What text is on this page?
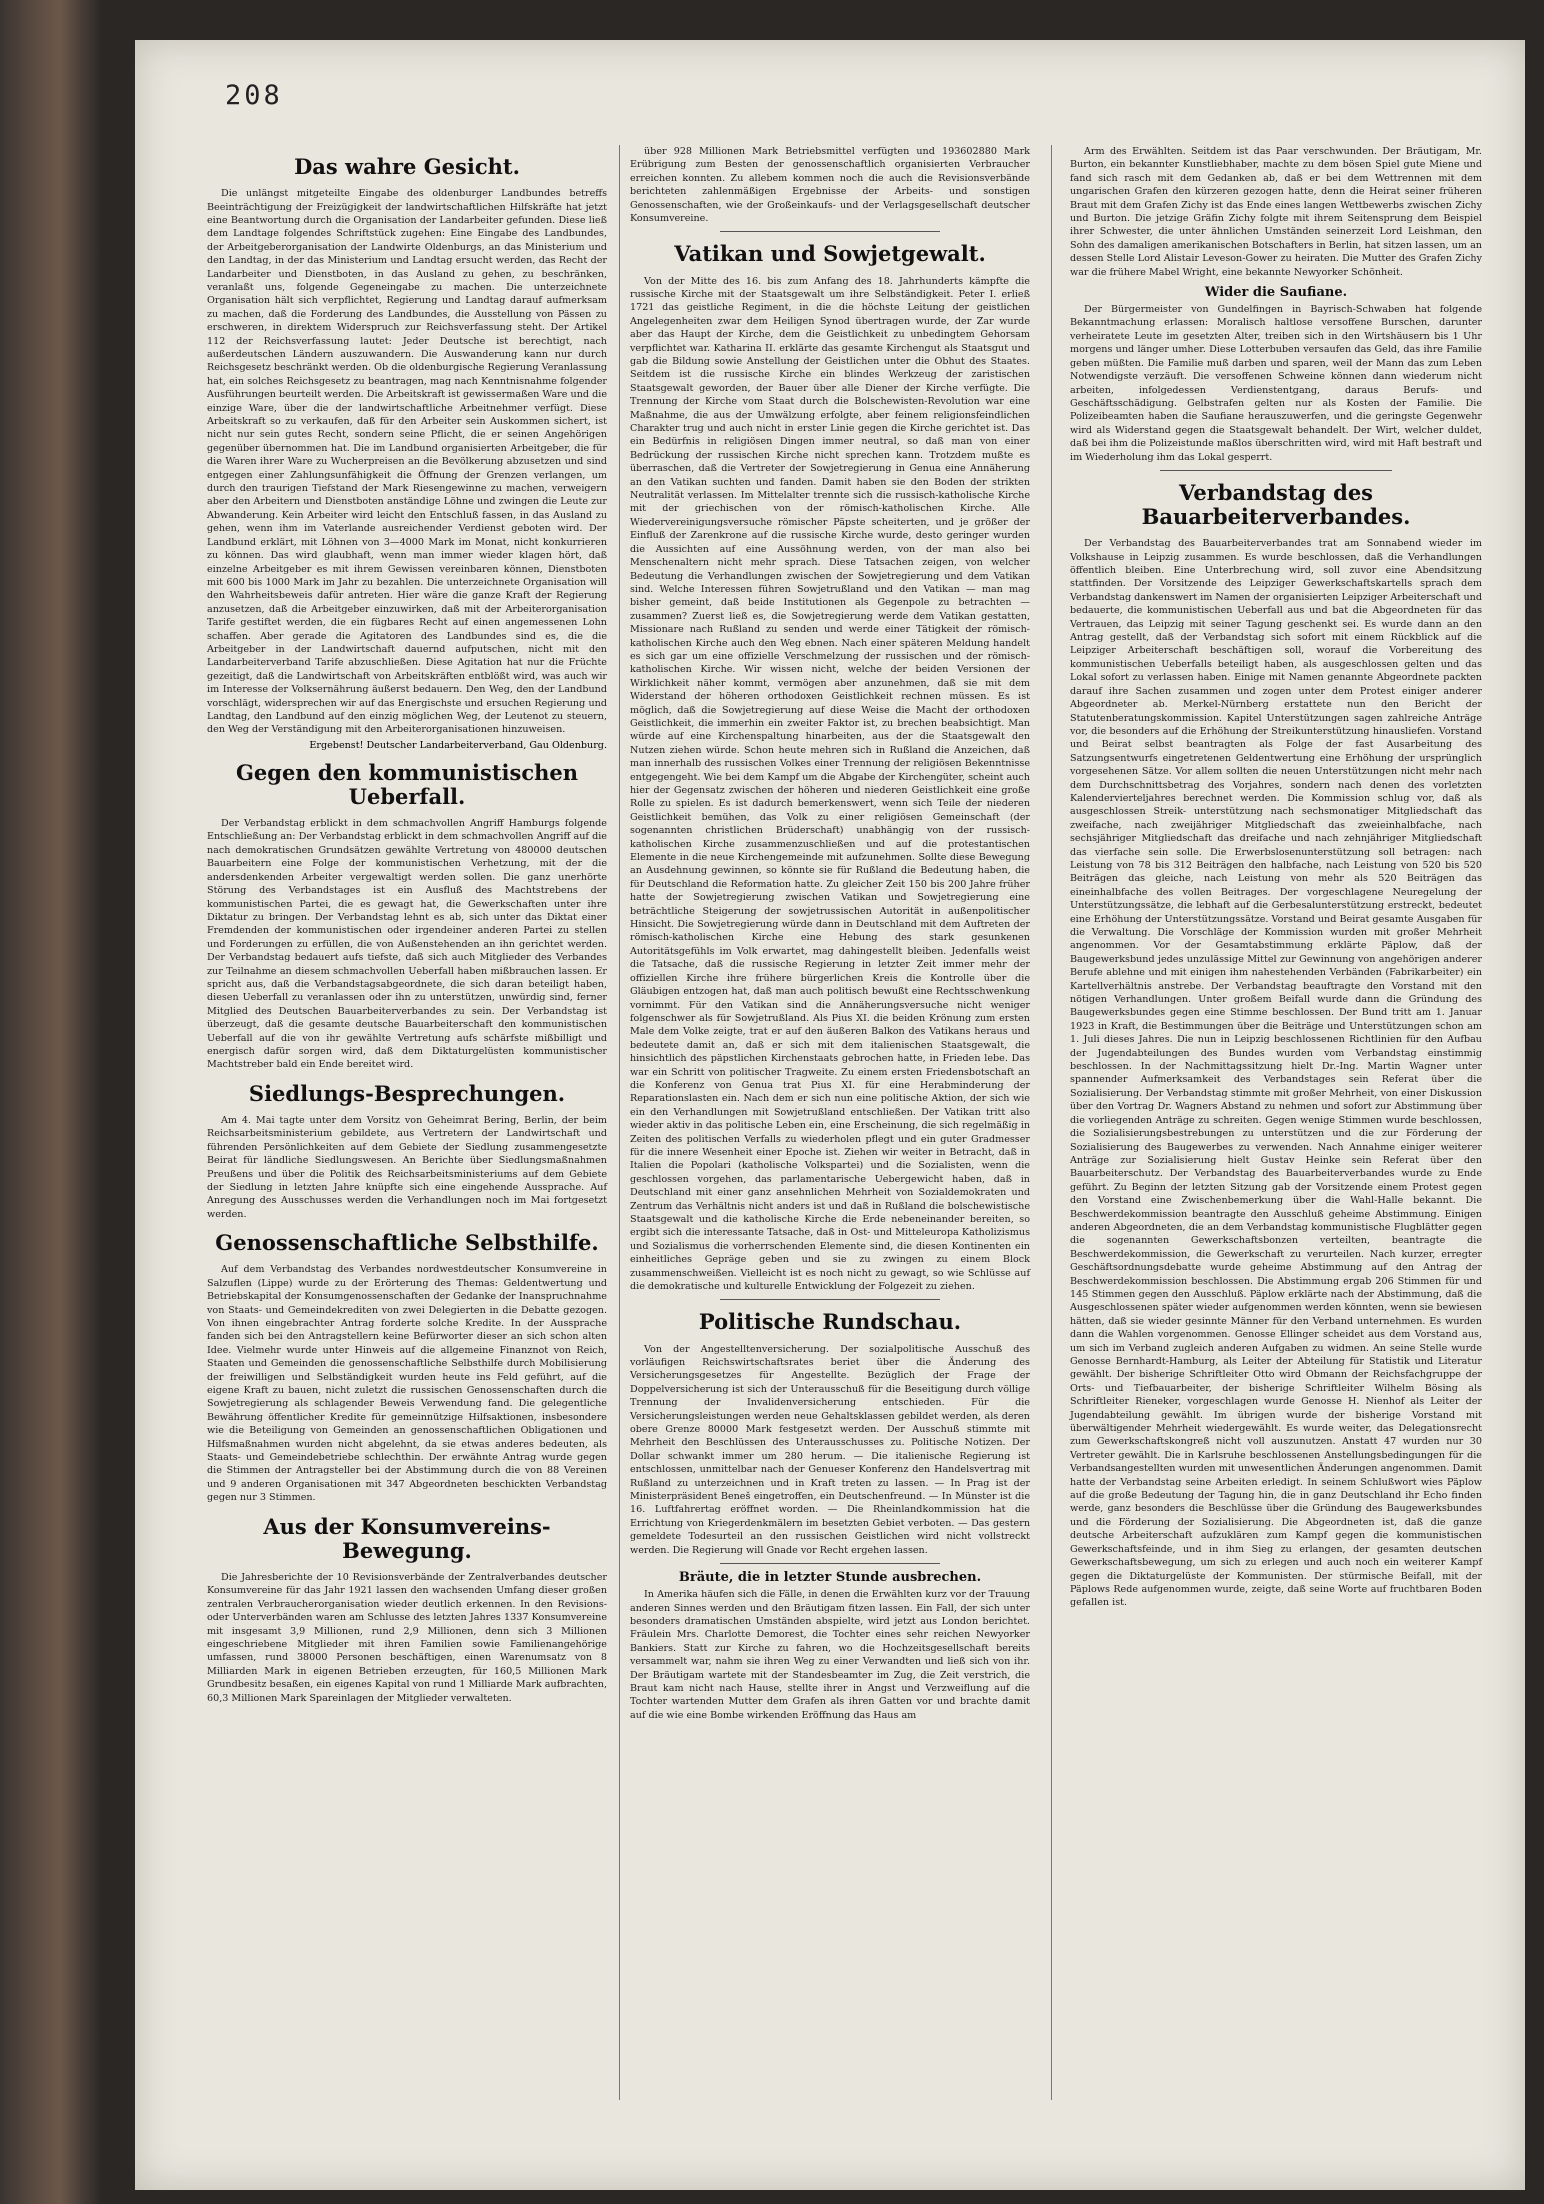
208
Das wahre Gesicht.

Die unlängst mitgeteilte Eingabe des oldenburger Landbundes betreffs Beeinträchtigung der Freizügigkeit der landwirtschaftlichen Hilfskräfte hat jetzt eine Beantwortung durch die Organisation der Landarbeiter gefunden. Diese ließ dem Landtage folgendes Schriftstück zugehen: Eine Eingabe des Landbundes, der Arbeitgeberorganisation der Landwirte Oldenburgs, an das Ministerium und den Landtag, in der das Ministerium und Landtag ersucht werden, das Recht der Landarbeiter und Dienstboten, in das Ausland zu gehen, zu beschränken, veranlaßt uns, folgende Gegeneingabe zu machen. Die unterzeichnete Organisation hält sich verpflichtet, Regierung und Landtag darauf aufmerksam zu machen, daß die Forderung des Landbundes, die Ausstellung von Pässen zu erschweren, in direktem Widerspruch zur Reichsverfassung steht. Der Artikel 112 der Reichsverfassung lautet: Jeder Deutsche ist berechtigt, nach außerdeutschen Ländern auszuwandern. Die Auswanderung kann nur durch Reichsgesetz beschränkt werden. Ob die oldenburgische Regierung Veranlassung hat, ein solches Reichsgesetz zu beantragen, mag nach Kenntnisnahme folgender Ausführungen beurteilt werden. Die Arbeitskraft ist gewissermaßen Ware und die einzige Ware, über die der landwirtschaftliche Arbeitnehmer verfügt. Diese Arbeitskraft so zu verkaufen, daß für den Arbeiter sein Auskommen sichert, ist nicht nur sein gutes Recht, sondern seine Pflicht, die er seinen Angehörigen gegenüber übernommen hat. Die im Landbund organisierten Arbeitgeber, die für die Waren ihrer Ware zu Wucherpreisen an die Bevölkerung abzusetzen und sind entgegen einer Zahlungsunfähigkeit die Öffnung der Grenzen verlangen, um durch den traurigen Tiefstand der Mark Riesengewinne zu machen, verweigern aber den Arbeitern und Dienstboten anständige Löhne und zwingen die Leute zur Abwanderung. Kein Arbeiter wird leicht den Entschluß fassen, in das Ausland zu gehen, wenn ihm im Vaterlande ausreichender Verdienst geboten wird. Der Landbund erklärt, mit Löhnen von 3—4000 Mark im Monat, nicht konkurrieren zu können. Das wird glaubhaft, wenn man immer wieder klagen hört, daß einzelne Arbeitgeber es mit ihrem Gewissen vereinbaren können, Dienstboten mit 600 bis 1000 Mark im Jahr zu bezahlen. Die unterzeichnete Organisation will den Wahrheitsbeweis dafür antreten. Hier wäre die ganze Kraft der Regierung anzusetzen, daß die Arbeitgeber einzuwirken, daß mit der Arbeiterorganisation Tarife gestiftet werden, die ein fügbares Recht auf einen angemessenen Lohn schaffen. Aber gerade die Agitatoren des Landbundes sind es, die die Arbeitgeber in der Landwirtschaft dauernd aufputschen, nicht mit den Landarbeiterverband Tarife abzuschließen. Diese Agitation hat nur die Früchte gezeitigt, daß die Landwirtschaft von Arbeitskräften entblößt wird, was auch wir im Interesse der Volksernährung äußerst bedauern. Den Weg, den der Landbund vorschlägt, widersprechen wir auf das Energischste und ersuchen Regierung und Landtag, den Landbund auf den einzig möglichen Weg, der Leutenot zu steuern, den Weg der Verständigung mit den Arbeiterorganisationen hinzuweisen.

Ergebenst! Deutscher Landarbeiterverband, Gau Oldenburg.
Gegen den kommunistischen Ueberfall.

Der Verbandstag erblickt in dem schmachvollen Angriff Hamburgs folgende Entschließung an: Der Verbandstag erblickt in dem schmachvollen Angriff auf die nach demokratischen Grundsätzen gewählte Vertretung von 480000 deutschen Bauarbeitern eine Folge der kommunistischen Verhetzung, mit der die andersdenkenden Arbeiter vergewaltigt werden sollen. Die ganz unerhörte Störung des Verbandstages ist ein Ausfluß des Machtstrebens der kommunistischen Partei, die es gewagt hat, die Gewerkschaften unter ihre Diktatur zu bringen. Der Verbandstag lehnt es ab, sich unter das Diktat einer Fremdenden der kommunistischen oder irgendeiner anderen Partei zu stellen und Forderungen zu erfüllen, die von Außenstehenden an ihn gerichtet werden. Der Verbandstag bedauert aufs tiefste, daß sich auch Mitglieder des Verbandes zur Teilnahme an diesem schmachvollen Ueberfall haben mißbrauchen lassen. Er spricht aus, daß die Verbandstagsabgeordnete, die sich daran beteiligt haben, diesen Ueberfall zu veranlassen oder ihn zu unterstützen, unwürdig sind, ferner Mitglied des Deutschen Bauarbeiterverbandes zu sein. Der Verbandstag ist überzeugt, daß die gesamte deutsche Bauarbeiterschaft den kommunistischen Ueberfall auf die von ihr gewählte Vertretung aufs schärfste mißbilligt und energisch dafür sorgen wird, daß dem Diktaturgelüsten kommunistischer Machtstreber bald ein Ende bereitet wird.

Siedlungs-Besprechungen.

Am 4. Mai tagte unter dem Vorsitz von Geheimrat Bering, Berlin, der beim Reichsarbeitsministerium gebildete, aus Vertretern der Landwirtschaft und führenden Persönlichkeiten auf dem Gebiete der Siedlung zusammengesetzte Beirat für ländliche Siedlungswesen. An Berichte über Siedlungsmaßnahmen Preußens und über die Politik des Reichsarbeitsministeriums auf dem Gebiete der Siedlung in letzten Jahre knüpfte sich eine eingehende Aussprache. Auf Anregung des Ausschusses werden die Verhandlungen noch im Mai fortgesetzt werden.

Genossenschaftliche Selbsthilfe.

Auf dem Verbandstag des Verbandes nordwestdeutscher Konsumvereine in Salzuflen (Lippe) wurde zu der Erörterung des Themas: Geldentwertung und Betriebskapital der Konsumgenossenschaften der Gedanke der Inanspruchnahme von Staats- und Gemeindekrediten von zwei Delegierten in die Debatte gezogen. Von ihnen eingebrachter Antrag forderte solche Kredite. In der Aussprache fanden sich bei den Antragstellern keine Befürworter dieser an sich schon alten Idee. Vielmehr wurde unter Hinweis auf die allgemeine Finanznot von Reich, Staaten und Gemeinden die genossenschaftliche Selbsthilfe durch Mobilisierung der freiwilligen und Selbständigkeit wurden heute ins Feld geführt, auf die eigene Kraft zu bauen, nicht zuletzt die russischen Genossenschaften durch die Sowjetregierung als schlagender Beweis Verwendung fand. Die gelegentliche Bewährung öffentlicher Kredite für gemeinnützige Hilfsaktionen, insbesondere wie die Beteiligung von Gemeinden an genossenschaftlichen Obligationen und Hilfsmaßnahmen wurden nicht abgelehnt, da sie etwas anderes bedeuten, als Staats- und Gemeindebetriebe schlechthin. Der erwähnte Antrag wurde gegen die Stimmen der Antragsteller bei der Abstimmung durch die von 88 Vereinen und 9 anderen Organisationen mit 347 Abgeordneten beschickten Verbandstag gegen nur 3 Stimmen.

Aus der Konsumvereins-Bewegung.

Die Jahresberichte der 10 Revisionsverbände der Zentralverbandes deutscher Konsumvereine für das Jahr 1921 lassen den wachsenden Umfang dieser großen zentralen Verbraucherorganisation wieder deutlich erkennen. In den Revisions- oder Unterverbänden waren am Schlusse des letzten Jahres 1337 Konsumvereine mit insgesamt 3,9 Millionen, rund 2,9 Millionen, denn sich 3 Millionen eingeschriebene Mitglieder mit ihren Familien sowie Familienangehörige umfassen, rund 38000 Personen beschäftigen, einen Warenumsatz von 8 Milliarden Mark in eigenen Betrieben erzeugten, für 160,5 Millionen Mark Grundbesitz besaßen, ein eigenes Kapital von rund 1 Milliarde Mark aufbrachten, 60,3 Millionen Mark Spareinlagen der Mitglieder verwalteten.

über 928 Millionen Mark Betriebsmittel verfügten und 193602880 Mark Erübrigung zum Besten der genossenschaftlich organisierten Verbraucher erreichen konnten. Zu allebem kommen noch die auch die Revisionsverbände berichteten zahlenmäßigen Ergebnisse der Arbeits- und sonstigen Genossenschaften, wie der Großeinkaufs- und der Verlagsgesellschaft deutscher Konsumvereine.

Vatikan und Sowjetgewalt.

Von der Mitte des 16. bis zum Anfang des 18. Jahrhunderts kämpfte die russische Kirche mit der Staatsgewalt um ihre Selbständigkeit. Peter I. erließ 1721 das geistliche Regiment, in die die höchste Leitung der geistlichen Angelegenheiten zwar dem Heiligen Synod übertragen wurde, der Zar wurde aber das Haupt der Kirche, dem die Geistlichkeit zu unbedingtem Gehorsam verpflichtet war. Katharina II. erklärte das gesamte Kirchengut als Staatsgut und gab die Bildung sowie Anstellung der Geistlichen unter die Obhut des Staates. Seitdem ist die russische Kirche ein blindes Werkzeug der zaristischen Staatsgewalt geworden, der Bauer über alle Diener der Kirche verfügte. Die Trennung der Kirche vom Staat durch die Bolschewisten-Revolution war eine Maßnahme, die aus der Umwälzung erfolgte, aber feinem religionsfeindlichen Charakter trug und auch nicht in erster Linie gegen die Kirche gerichtet ist. Das ein Bedürfnis in religiösen Dingen immer neutral, so daß man von einer Bedrückung der russischen Kirche nicht sprechen kann. Trotzdem mußte es überraschen, daß die Vertreter der Sowjetregierung in Genua eine Annäherung an den Vatikan suchten und fanden. Damit haben sie den Boden der strikten Neutralität verlassen. Im Mittelalter trennte sich die russisch-katholische Kirche mit der griechischen von der römisch-katholischen Kirche. Alle Wiedervereinigungsversuche römischer Päpste scheiterten, und je größer der Einfluß der Zarenkrone auf die russische Kirche wurde, desto geringer wurden die Aussichten auf eine Aussöhnung werden, von der man also bei Menschenaltern nicht mehr sprach. Diese Tatsachen zeigen, von welcher Bedeutung die Verhandlungen zwischen der Sowjetregierung und dem Vatikan sind. Welche Interessen führen Sowjetrußland und den Vatikan — man mag bisher gemeint, daß beide Institutionen als Gegenpole zu betrachten — zusammen? Zuerst ließ es, die Sowjetregierung werde dem Vatikan gestatten, Missionare nach Rußland zu senden und werde einer Tätigkeit der römisch-katholischen Kirche auch den Weg ebnen. Nach einer späteren Meldung handelt es sich gar um eine offizielle Verschmelzung der russischen und der römisch-katholischen Kirche. Wir wissen nicht, welche der beiden Versionen der Wirklichkeit näher kommt, vermögen aber anzunehmen, daß sie mit dem Widerstand der höheren orthodoxen Geistlichkeit rechnen müssen. Es ist möglich, daß die Sowjetregierung auf diese Weise die Macht der orthodoxen Geistlichkeit, die immerhin ein zweiter Faktor ist, zu brechen beabsichtigt. Man würde auf eine Kirchenspaltung hinarbeiten, aus der die Staatsgewalt den Nutzen ziehen würde. Schon heute mehren sich in Rußland die Anzeichen, daß man innerhalb des russischen Volkes einer Trennung der religiösen Bekenntnisse entgegengeht. Wie bei dem Kampf um die Abgabe der Kirchengüter, scheint auch hier der Gegensatz zwischen der höheren und niederen Geistlichkeit eine große Rolle zu spielen. Es ist dadurch bemerkenswert, wenn sich Teile der niederen Geistlichkeit bemühen, das Volk zu einer religiösen Gemeinschaft (der sogenannten christlichen Brüderschaft) unabhängig von der russisch-katholischen Kirche zusammenzuschließen und auf die protestantischen Elemente in die neue Kirchengemeinde mit aufzunehmen. Sollte diese Bewegung an Ausdehnung gewinnen, so könnte sie für Rußland die Bedeutung haben, die für Deutschland die Reformation hatte. Zu gleicher Zeit 150 bis 200 Jahre früher hatte der Sowjetregierung zwischen Vatikan und Sowjetregierung eine beträchtliche Steigerung der sowjetrussischen Autorität in außenpolitischer Hinsicht. Die Sowjetregierung würde dann in Deutschland mit dem Auftreten der römisch-katholischen Kirche eine Hebung des stark gesunkenen Autoritätsgefühls im Volk erwartet, mag dahingestellt bleiben. Jedenfalls weist die Tatsache, daß die russische Regierung in letzter Zeit immer mehr der offiziellen Kirche ihre frühere bürgerlichen Kreis die Kontrolle über die Gläubigen entzogen hat, daß man auch politisch bewußt eine Rechtsschwenkung vornimmt. Für den Vatikan sind die Annäherungsversuche nicht weniger folgenschwer als für Sowjetrußland. Als Pius XI. die beiden Krönung zum ersten Male dem Volke zeigte, trat er auf den äußeren Balkon des Vatikans heraus und bedeutete damit an, daß er sich mit dem italienischen Staatsgewalt, die hinsichtlich des päpstlichen Kirchenstaats gebrochen hatte, in Frieden lebe. Das war ein Schritt von politischer Tragweite. Zu einem ersten Friedensbotschaft an die Konferenz von Genua trat Pius XI. für eine Herabminderung der Reparationslasten ein. Nach dem er sich nun eine politische Aktion, der sich wie ein den Verhandlungen mit Sowjetrußland entschließen. Der Vatikan tritt also wieder aktiv in das politische Leben ein, eine Erscheinung, die sich regelmäßig in Zeiten des politischen Verfalls zu wiederholen pflegt und ein guter Gradmesser für die innere Wesenheit einer Epoche ist. Ziehen wir weiter in Betracht, daß in Italien die Popolari (katholische Volkspartei) und die Sozialisten, wenn die geschlossen vorgehen, das parlamentarische Uebergewicht haben, daß in Deutschland mit einer ganz ansehnlichen Mehrheit von Sozialdemokraten und Zentrum das Verhältnis nicht anders ist und daß in Rußland die bolschewistische Staatsgewalt und die katholische Kirche die Erde nebeneinander bereiten, so ergibt sich die interessante Tatsache, daß in Ost- und Mitteleuropa Katholizismus und Sozialismus die vorherrschenden Elemente sind, die diesen Kontinenten ein einheitliches Gepräge geben und sie zu zwingen zu einem Block zusammenschweißen. Vielleicht ist es noch nicht zu gewagt, so wie Schlüsse auf die demokratische und kulturelle Entwicklung der Folgezeit zu ziehen.

Politische Rundschau.

Von der Angestelltenversicherung. Der sozialpolitische Ausschuß des vorläufigen Reichswirtschaftsrates beriet über die Änderung des Versicherungsgesetzes für Angestellte. Bezüglich der Frage der Doppelversicherung ist sich der Unterausschuß für die Beseitigung durch völlige Trennung der Invalidenversicherung entschieden. Für die Versicherungsleistungen werden neue Gehaltsklassen gebildet werden, als deren obere Grenze 80000 Mark festgesetzt werden. Der Ausschuß stimmte mit Mehrheit den Beschlüssen des Unterausschusses zu. Politische Notizen. Der Dollar schwankt immer um 280 herum. — Die italienische Regierung ist entschlossen, unmittelbar nach der Genueser Konferenz den Handelsvertrag mit Rußland zu unterzeichnen und in Kraft treten zu lassen. — In Prag ist der Ministerpräsident Beneš eingetroffen, ein Deutschenfreund. — In Münster ist die 16. Luftfahrertag eröffnet worden. — Die Rheinlandkommission hat die Errichtung von Kriegerdenkmälern im besetzten Gebiet verboten. — Das gestern gemeldete Todesurteil an den russischen Geistlichen wird nicht vollstreckt werden. Die Regierung will Gnade vor Recht ergehen lassen.

Bräute, die in letzter Stunde ausbrechen.

In Amerika häufen sich die Fälle, in denen die Erwählten kurz vor der Trauung anderen Sinnes werden und den Bräutigam fitzen lassen. Ein Fall, der sich unter besonders dramatischen Umständen abspielte, wird jetzt aus London berichtet. Fräulein Mrs. Charlotte Demorest, die Tochter eines sehr reichen Newyorker Bankiers. Statt zur Kirche zu fahren, wo die Hochzeitsgesellschaft bereits versammelt war, nahm sie ihren Weg zu einer Verwandten und ließ sich von ihr. Der Bräutigam wartete mit der Standesbeamter im Zug, die Zeit verstrich, die Braut kam nicht nach Hause, stellte ihrer in Angst und Verzweiflung auf die Tochter wartenden Mutter dem Grafen als ihren Gatten vor und brachte damit auf die wie eine Bombe wirkenden Eröffnung das Haus am

Arm des Erwählten. Seitdem ist das Paar verschwunden. Der Bräutigam, Mr. Burton, ein bekannter Kunstliebhaber, machte zu dem bösen Spiel gute Miene und fand sich rasch mit dem Gedanken ab, daß er bei dem Wettrennen mit dem ungarischen Grafen den kürzeren gezogen hatte, denn die Heirat seiner früheren Braut mit dem Grafen Zichy ist das Ende eines langen Wettbewerbs zwischen Zichy und Burton. Die jetzige Gräfin Zichy folgte mit ihrem Seitensprung dem Beispiel ihrer Schwester, die unter ähnlichen Umständen seinerzeit Lord Leishman, den Sohn des damaligen amerikanischen Botschafters in Berlin, hat sitzen lassen, um an dessen Stelle Lord Alistair Leveson-Gower zu heiraten. Die Mutter des Grafen Zichy war die frühere Mabel Wright, eine bekannte Newyorker Schönheit.

Wider die Saufiane.

Der Bürgermeister von Gundelfingen in Bayrisch-Schwaben hat folgende Bekanntmachung erlassen: Moralisch haltlose versoffene Burschen, darunter verheiratete Leute im gesetzten Alter, treiben sich in den Wirtshäusern bis 1 Uhr morgens und länger umher. Diese Lotterbuben versaufen das Geld, das ihre Familie geben müßten. Die Familie muß darben und sparen, weil der Mann das zum Leben Notwendigste verzäuft. Die versoffenen Schweine können dann wiederum nicht arbeiten, infolgedessen Verdienstentgang, daraus Berufs- und Geschäftsschädigung. Gelbstrafen gelten nur als Kosten der Familie. Die Polizeibeamten haben die Saufiane herauszuwerfen, und die geringste Gegenwehr wird als Widerstand gegen die Staatsgewalt behandelt. Der Wirt, welcher duldet, daß bei ihm die Polizeistunde maßlos überschritten wird, wird mit Haft bestraft und im Wiederholung ihm das Lokal gesperrt.

Verbandstag des Bauarbeiterverbandes.

Der Verbandstag des Bauarbeiterverbandes trat am Sonnabend wieder im Volkshause in Leipzig zusammen. Es wurde beschlossen, daß die Verhandlungen öffentlich bleiben. Eine Unterbrechung wird, soll zuvor eine Abendsitzung stattfinden. Der Vorsitzende des Leipziger Gewerkschaftskartells sprach dem Verbandstag dankenswert im Namen der organisierten Leipziger Arbeiterschaft und bedauerte, die kommunistischen Ueberfall aus und bat die Abgeordneten für das Vertrauen, das Leipzig mit seiner Tagung geschenkt sei. Es wurde dann an den Antrag gestellt, daß der Verbandstag sich sofort mit einem Rückblick auf die Leipziger Arbeiterschaft beschäftigen soll, worauf die Vorbereitung des kommunistischen Ueberfalls beteiligt haben, als ausgeschlossen gelten und das Lokal sofort zu verlassen haben. Einige mit Namen genannte Abgeordnete packten darauf ihre Sachen zusammen und zogen unter dem Protest einiger anderer Abgeordneter ab. Merkel-Nürnberg erstattete nun den Bericht der Statutenberatungskommission. Kapitel Unterstützungen sagen zahlreiche Anträge vor, die besonders auf die Erhöhung der Streikunterstützung hinausliefen. Vorstand und Beirat selbst beantragten als Folge der fast Ausarbeitung des Satzungsentwurfs eingetretenen Geldentwertung eine Erhöhung der ursprünglich vorgesehenen Sätze. Vor allem sollten die neuen Unterstützungen nicht mehr nach dem Durchschnittsbetrag des Vorjahres, sondern nach denen des vorletzten Kalendervierteljahres berechnet werden. Die Kommission schlug vor, daß als ausgeschlossen Streik- unterstützung nach sechsmonatiger Mitgliedschaft das zweifache, nach zweijähriger Mitgliedschaft das zweieinhalbfache, nach sechsjähriger Mitgliedschaft das dreifache und nach zehnjähriger Mitgliedschaft das vierfache sein solle. Die Erwerbslosenunterstützung soll betragen: nach Leistung von 78 bis 312 Beiträgen den halbfache, nach Leistung von 520 bis 520 Beiträgen das gleiche, nach Leistung von mehr als 520 Beiträgen das eineinhalbfache des vollen Beitrages. Der vorgeschlagene Neuregelung der Unterstützungssätze, die lebhaft auf die Gerbesalunterstützung erstreckt, bedeutet eine Erhöhung der Unterstützungssätze. Vorstand und Beirat gesamte Ausgaben für die Verwaltung. Die Vorschläge der Kommission wurden mit großer Mehrheit angenommen. Vor der Gesamtabstimmung erklärte Päplow, daß der Baugewerksbund jedes unzulässige Mittel zur Gewinnung von angehörigen anderer Berufe ablehne und mit einigen ihm nahestehenden Verbänden (Fabrikarbeiter) ein Kartellverhältnis anstrebe. Der Verbandstag beauftragte den Vorstand mit den nötigen Verhandlungen. Unter großem Beifall wurde dann die Gründung des Baugewerksbundes gegen eine Stimme beschlossen. Der Bund tritt am 1. Januar 1923 in Kraft, die Bestimmungen über die Beiträge und Unterstützungen schon am 1. Juli dieses Jahres. Die nun in Leipzig beschlossenen Richtlinien für den Aufbau der Jugendabteilungen des Bundes wurden vom Verbandstag einstimmig beschlossen. In der Nachmittagssitzung hielt Dr.-Ing. Martin Wagner unter spannender Aufmerksamkeit des Verbandstages sein Referat über die Sozialisierung. Der Verbandstag stimmte mit großer Mehrheit, von einer Diskussion über den Vortrag Dr. Wagners Abstand zu nehmen und sofort zur Abstimmung über die vorliegenden Anträge zu schreiten. Gegen wenige Stimmen wurde beschlossen, die Sozialisierungsbestrebungen zu unterstützen und die zur Förderung der Sozialisierung des Baugewerbes zu verwenden. Nach Annahme einiger weiterer Anträge zur Sozialisierung hielt Gustav Heinke sein Referat über den Bauarbeiterschutz. Der Verbandstag des Bauarbeiterverbandes wurde zu Ende geführt. Zu Beginn der letzten Sitzung gab der Vorsitzende einem Protest gegen den Vorstand eine Zwischenbemerkung über die Wahl-Halle bekannt. Die Beschwerdekommission beantragte den Ausschluß geheime Abstimmung. Einigen anderen Abgeordneten, die an dem Verbandstag kommunistische Flugblätter gegen die sogenannten Gewerkschaftsbonzen verteilten, beantragte die Beschwerdekommission, die Gewerkschaft zu verurteilen. Nach kurzer, erregter Geschäftsordnungsdebatte wurde geheime Abstimmung auf den Antrag der Beschwerdekommission beschlossen. Die Abstimmung ergab 206 Stimmen für und 145 Stimmen gegen den Ausschluß. Päplow erklärte nach der Abstimmung, daß die Ausgeschlossenen später wieder aufgenommen werden könnten, wenn sie bewiesen hätten, daß sie wieder gesinnte Männer für den Verband unternehmen. Es wurden dann die Wahlen vorgenommen. Genosse Ellinger scheidet aus dem Vorstand aus, um sich im Verband zugleich anderen Aufgaben zu widmen. An seine Stelle wurde Genosse Bernhardt-Hamburg, als Leiter der Abteilung für Statistik und Literatur gewählt. Der bisherige Schriftleiter Otto wird Obmann der Reichsfachgruppe der Orts- und Tiefbauarbeiter, der bisherige Schriftleiter Wilhelm Bösing als Schriftleiter Rieneker, vorgeschlagen wurde Genosse H. Nienhof als Leiter der Jugendabteilung gewählt. Im übrigen wurde der bisherige Vorstand mit überwältigender Mehrheit wiedergewählt. Es wurde weiter, das Delegationsrecht zum Gewerkschaftskongreß nicht voll auszunutzen. Anstatt 47 wurden nur 30 Vertreter gewählt. Die in Karlsruhe beschlossenen Anstellungsbedingungen für die Verbandsangestellten wurden mit unwesentlichen Änderungen angenommen. Damit hatte der Verbandstag seine Arbeiten erledigt. In seinem Schlußwort wies Päplow auf die große Bedeutung der Tagung hin, die in ganz Deutschland ihr Echo finden werde, ganz besonders die Beschlüsse über die Gründung des Baugewerksbundes und die Förderung der Sozialisierung. Die Abgeordneten ist, daß die ganze deutsche Arbeiterschaft aufzuklären zum Kampf gegen die kommunistischen Gewerkschaftsfeinde, und in ihm Sieg zu erlangen, der gesamten deutschen Gewerkschaftsbewegung, um sich zu erlegen und auch noch ein weiterer Kampf gegen die Diktaturgelüste der Kommunisten. Der stürmische Beifall, mit der Päplows Rede aufgenommen wurde, zeigte, daß seine Worte auf fruchtbaren Boden gefallen ist.
